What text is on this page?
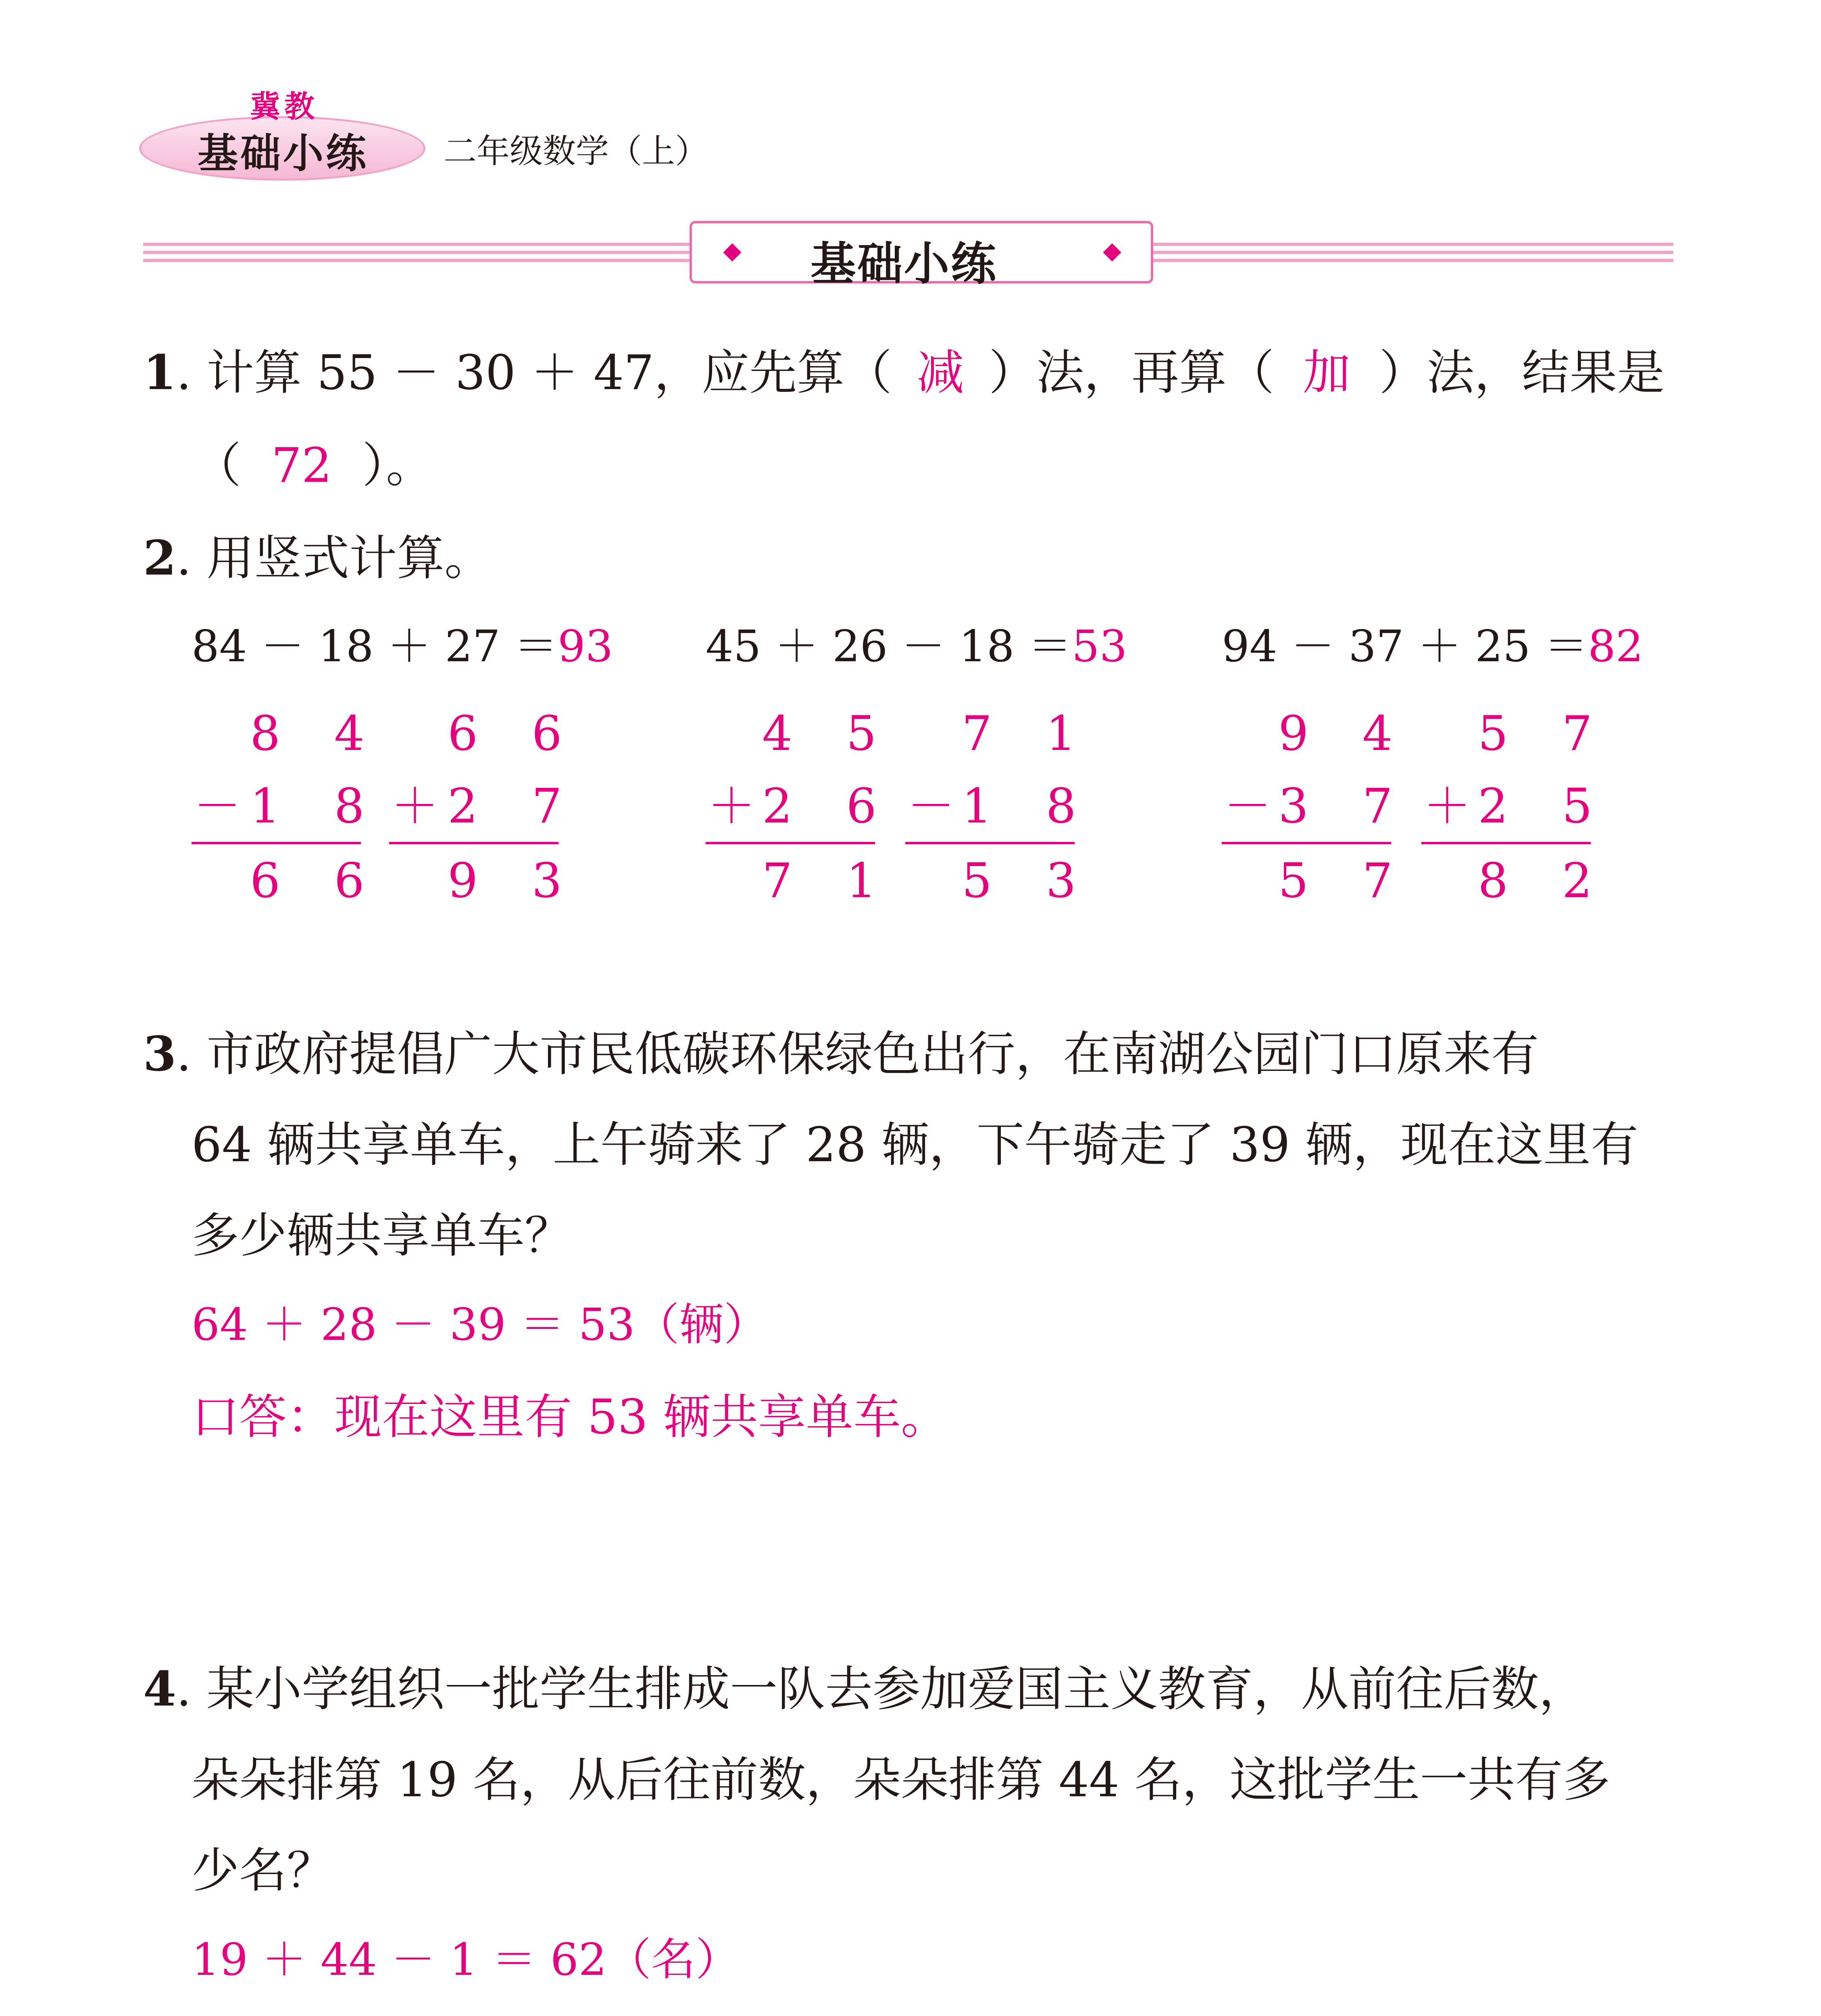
冀教
基础小练 二年级数学（上）
基础小练
1. 计算 55 － 30 ＋ 47，应先算（ 减 ）法，再算（ 加 ）法，结果是
（ 72 ）。
2. 用竖式计算。
84 － 18 ＋ 27 ＝93
8 4
－
1 8
6 6
6 6
＋
2 7
9 3
45 ＋ 26 － 18 ＝53
4 5
＋
2 6
7 1
7 1
－
1 8
5 3
94 － 37 ＋ 25 ＝82
9 4
－
3 7
5 7
5 7
＋
2 5
8 2
3. 市政府提倡广大市民低碳环保绿色出行，在南湖公园门口原来有
64 辆共享单车，上午骑来了 28 辆，下午骑走了 39 辆，现在这里有
多少辆共享单车？
64 ＋ 28 － 39 ＝ 53（辆）
口答：现在这里有 53 辆共享单车。
4. 某小学组织一批学生排成一队去参加爱国主义教育，从前往后数，
朵朵排第 19 名，从后往前数，朵朵排第 44 名，这批学生一共有多
少名？
19 ＋ 44 － 1 ＝ 62（名）
